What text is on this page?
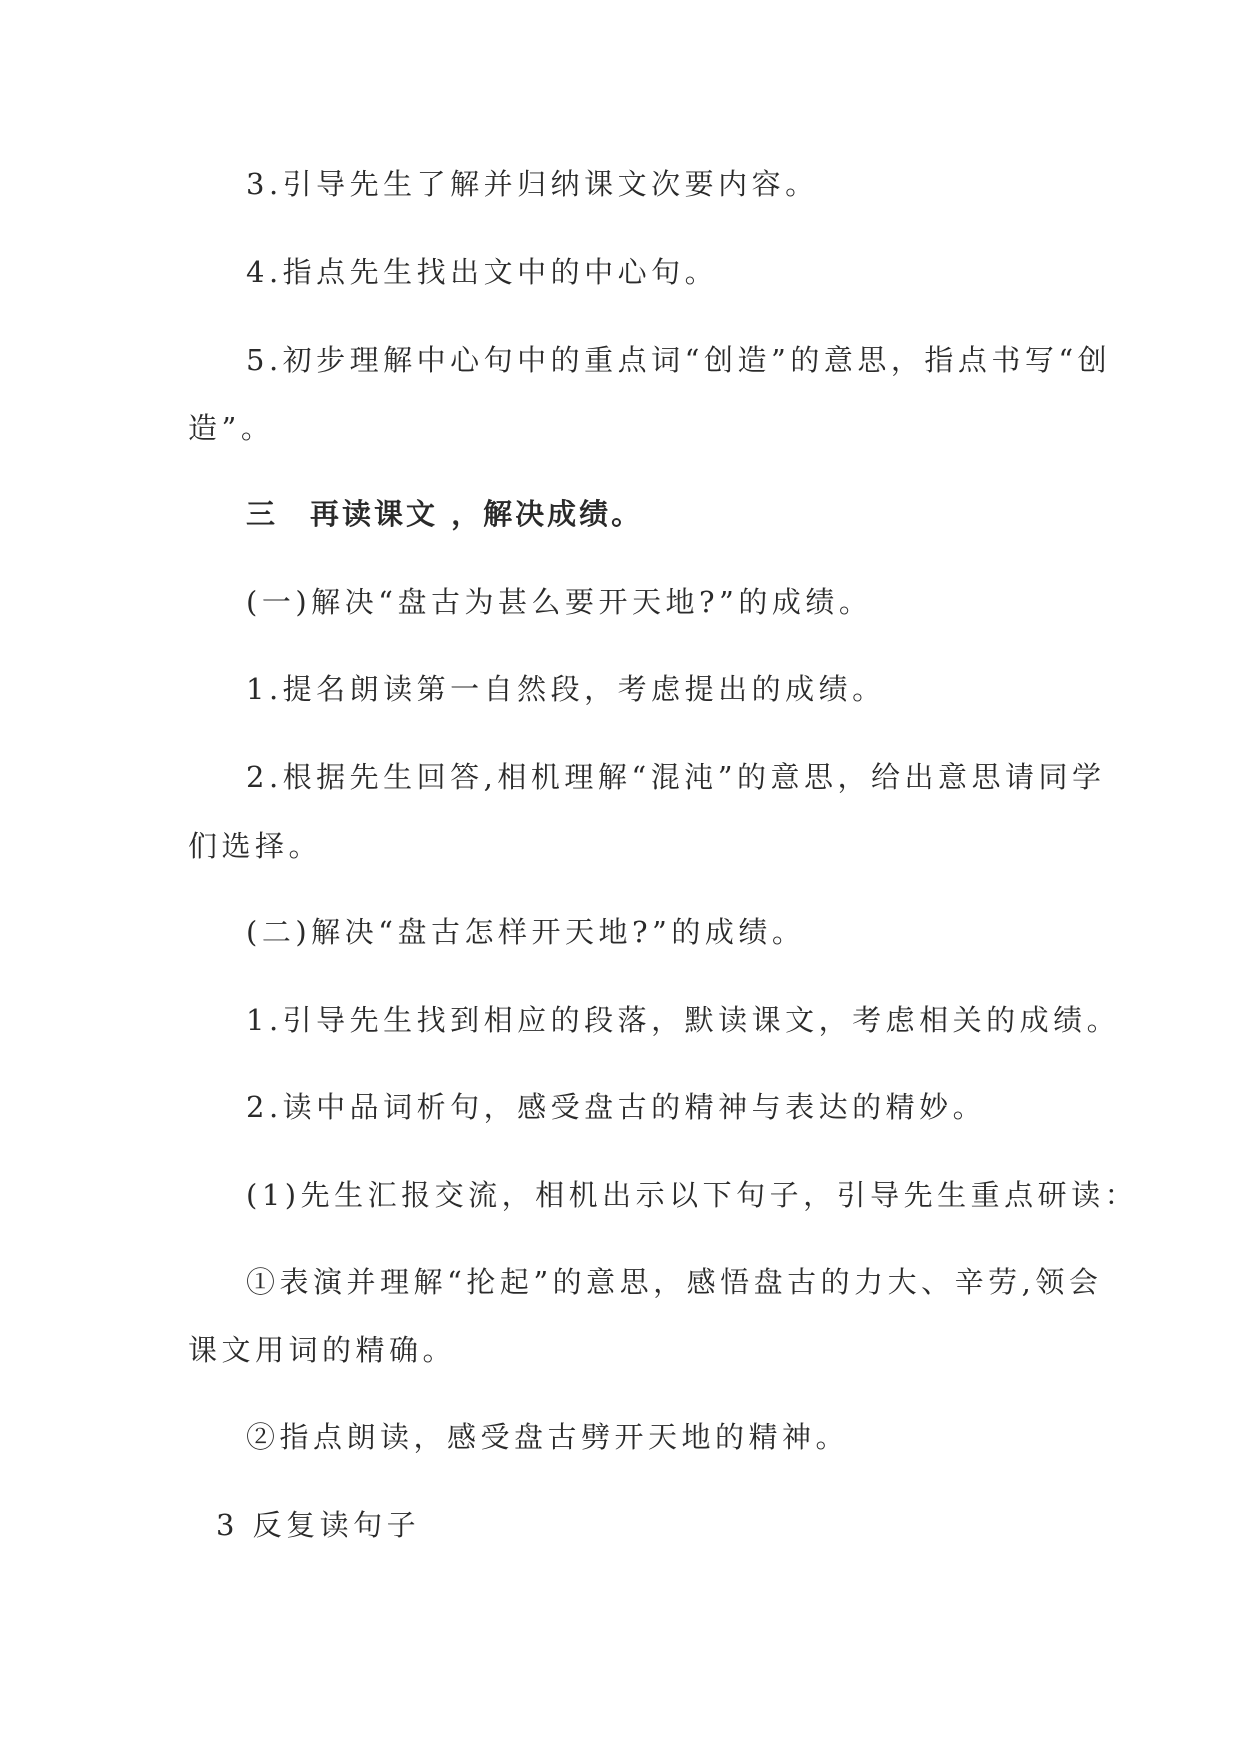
3.引导先生了解并归纳课文次要内容。
4.指点先生找出文中的中心句。
5.初步理解中心句中的重点词“创造”的意思，指点书写“创
造”。
三　再读课文 ，解决成绩。
(一)解决“盘古为甚么要开天地?”的成绩。
1.提名朗读第一自然段，考虑提出的成绩。
2.根据先生回答,相机理解“混沌”的意思，给出意思请同学
们选择。
(二)解决“盘古怎样开天地?”的成绩。
1.引导先生找到相应的段落，默读课文，考虑相关的成绩。
2.读中品词析句，感受盘古的精神与表达的精妙。
(1)先生汇报交流，相机出示以下句子，引导先生重点研读：
①表演并理解“抡起”的意思，感悟盘古的力大、辛劳,领会
课文用词的精确。
②指点朗读，感受盘古劈开天地的精神。
3 反复读句子
